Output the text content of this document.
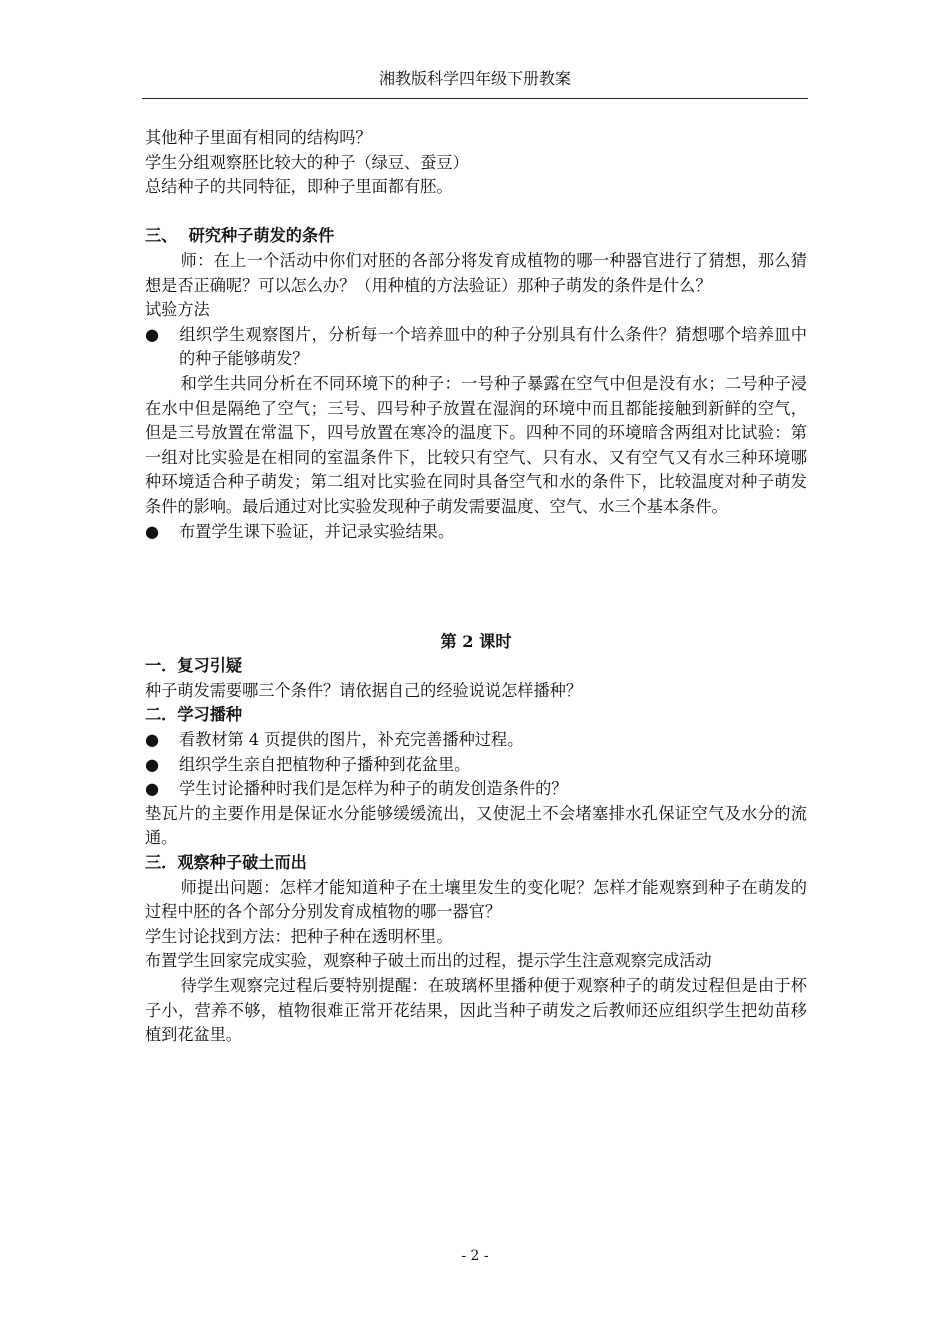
湘教版科学四年级下册教案

其他种子里面有相同的结构吗？

学生分组观察胚比较大的种子（绿豆、蚕豆）

总结种子的共同特征，即种子里面都有胚。

三、  研究种子萌发的条件

师：在上一个活动中你们对胚的各部分将发育成植物的哪一种器官进行了猜想，那么猜想是否正确呢？可以怎么办？（用种植的方法验证）那种子萌发的条件是什么？

试验方法

● 组织学生观察图片，分析每一个培养皿中的种子分别具有什么条件？猜想哪个培养皿中的种子能够萌发？

和学生共同分析在不同环境下的种子：一号种子暴露在空气中但是没有水；二号种子浸在水中但是隔绝了空气；三号、四号种子放置在湿润的环境中而且都能接触到新鲜的空气，但是三号放置在常温下，四号放置在寒冷的温度下。四种不同的环境暗含两组对比试验：第一组对比实验是在相同的室温条件下，比较只有空气、只有水、又有空气又有水三种环境哪种环境适合种子萌发；第二组对比实验在同时具备空气和水的条件下，比较温度对种子萌发条件的影响。最后通过对比实验发现种子萌发需要温度、空气、水三个基本条件。

● 布置学生课下验证，并记录实验结果。

第 2 课时

一．复习引疑

种子萌发需要哪三个条件？请依据自己的经验说说怎样播种？

二．学习播种

● 看教材第 4 页提供的图片，补充完善播种过程。

● 组织学生亲自把植物种子播种到花盆里。

● 学生讨论播种时我们是怎样为种子的萌发创造条件的？

垫瓦片的主要作用是保证水分能够缓缓流出，又使泥土不会堵塞排水孔保证空气及水分的流通。

三．观察种子破土而出

师提出问题：怎样才能知道种子在土壤里发生的变化呢？怎样才能观察到种子在萌发的过程中胚的各个部分分别发育成植物的哪一器官？

学生讨论找到方法：把种子种在透明杯里。

布置学生回家完成实验，观察种子破土而出的过程，提示学生注意观察完成活动

待学生观察完过程后要特别提醒：在玻璃杯里播种便于观察种子的萌发过程但是由于杯子小，营养不够，植物很难正常开花结果，因此当种子萌发之后教师还应组织学生把幼苗移植到花盆里。

- 2 -
